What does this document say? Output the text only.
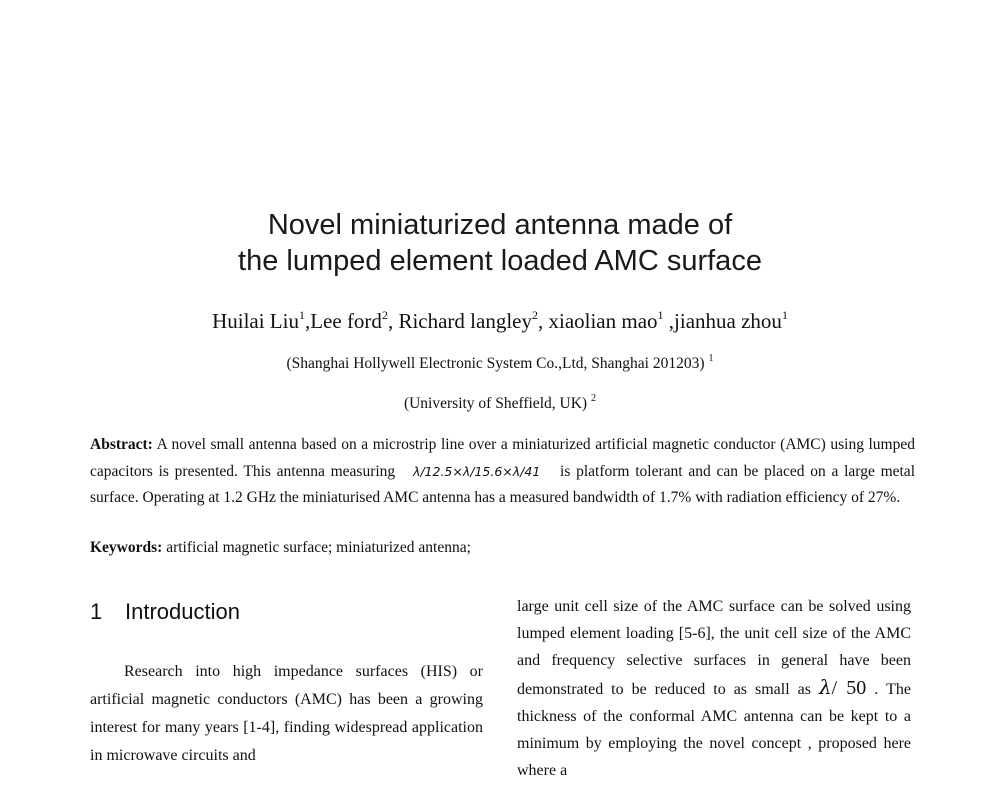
Novel miniaturized antenna made of
the lumped element loaded AMC surface
Huilai Liu$^1$,Lee ford$^2$, Richard langley$^2$, xiaolian mao$^1$ ,jianhua zhou$^1$
(Shanghai Hollywell Electronic System Co.,Ltd, Shanghai 201203) $^1$
(University of Sheffield, UK) $^2$
Abstract: A novel small antenna based on a microstrip line over a miniaturized artificial magnetic conductor (AMC) using lumped capacitors is presented. This antenna measuring λ/12.5×λ/15.6×λ/41 is platform tolerant and can be placed on a large metal surface. Operating at 1.2 GHz the miniaturised AMC antenna has a measured bandwidth of 1.7% with radiation efficiency of 27%.
Keywords: artificial magnetic surface; miniaturized antenna;
1 Introduction
Research into high impedance surfaces (HIS) or artificial magnetic conductors (AMC) has been a growing interest for many years [1-4], finding widespread application in microwave circuits and
large unit cell size of the AMC surface can be solved using lumped element loading [5-6], the unit cell size of the AMC and frequency selective surfaces in general have been demonstrated to be reduced to as small as λ/ 50 . The thickness of the conformal AMC antenna can be kept to a minimum by employing the novel concept , proposed here where a
